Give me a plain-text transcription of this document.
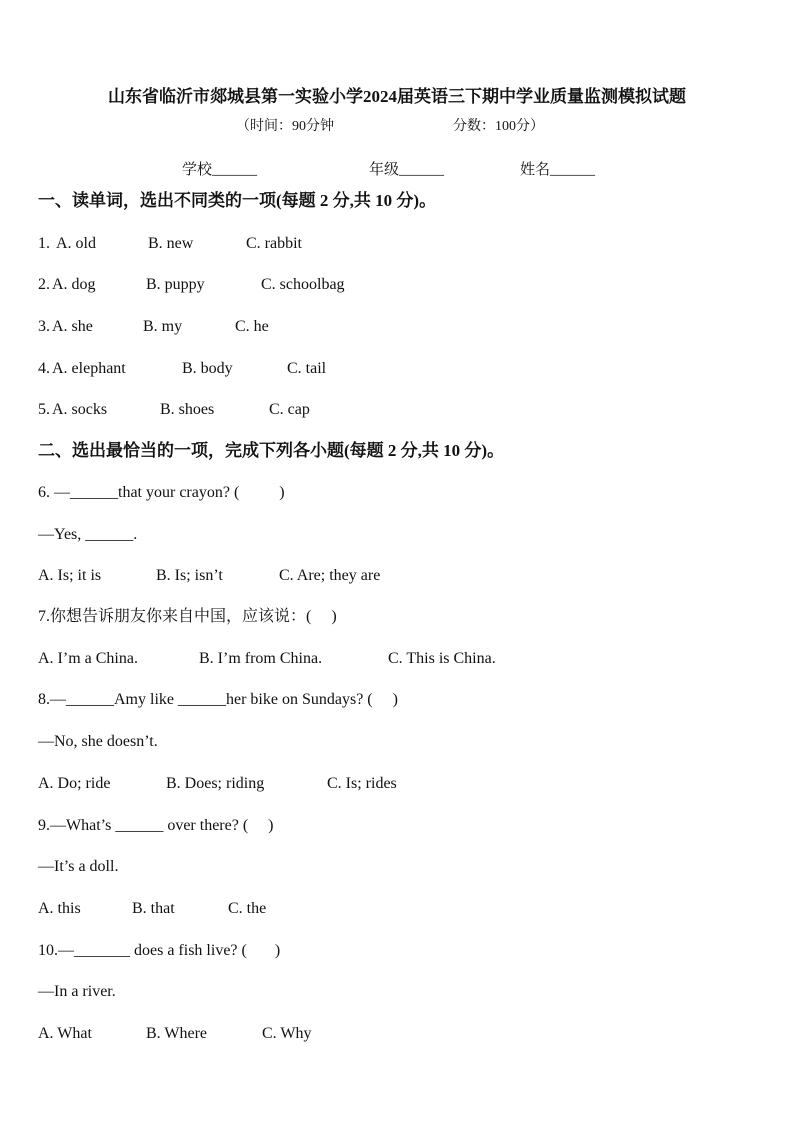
山东省临沂市郯城县第一实验小学2024届英语三下期中学业质量监测模拟试题
（时间：90分钟	分数：100分）
学校______	年级______	姓名______
一、读单词，选出不同类的一项(每题 2 分,共 10 分)。
1. A. old	B. new	C. rabbit
2. A. dog	B. puppy	C. schoolbag
3. A. she	B. my	C. he
4. A. elephant	B. body	C. tail
5. A. socks	B. shoes	C. cap
二、选出最恰当的一项，完成下列各小题(每题 2 分,共 10 分)。
6. —______that your crayon? (          )
—Yes, ______.
A. Is; it is	B. Is; isn’t	C. Are; they are
7.你想告诉朋友你来自中国，应该说：(     )
A. I’m a China.	B. I’m from China.	C. This is China.
8.—______Amy like ______her bike on Sundays? (     )
—No, she doesn’t.
A. Do; ride	B. Does; riding	C. Is; rides
9.—What’s ______ over there? (     )
—It’s a doll.
A. this	B. that	C. the
10.—_______ does a fish live? (       )
—In a river.
A. What	B. Where	C. Why
